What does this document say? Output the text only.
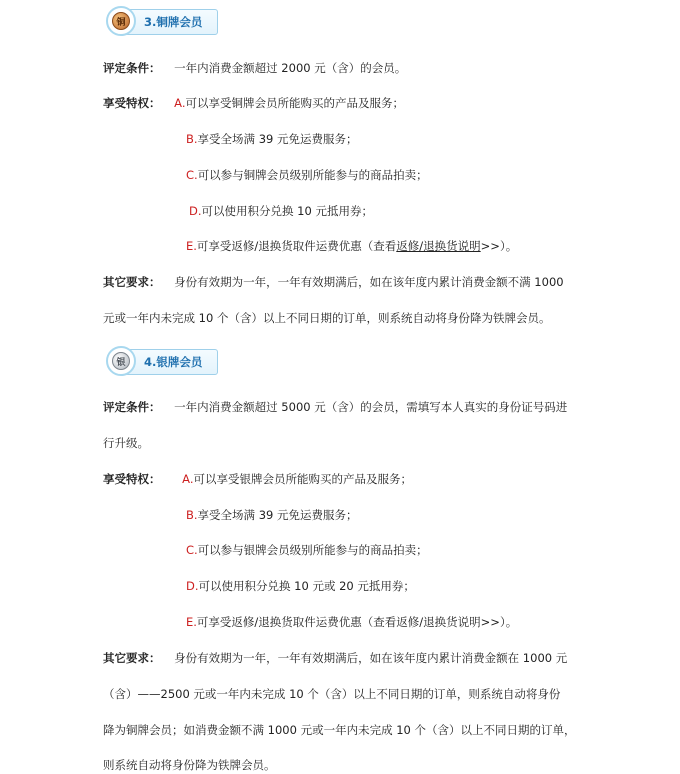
铜	3.铜牌会员
评定条件： 一年内消费金额超过 2000 元（含）的会员。
享受特权： A.可以享受铜牌会员所能购买的产品及服务；
B.享受全场满 39 元免运费服务；
C.可以参与铜牌会员级别所能参与的商品拍卖；
D.可以使用积分兑换 10 元抵用券；
E.可享受返修/退换货取件运费优惠（查看返修/退换货说明>>）。
其它要求： 身份有效期为一年，一年有效期满后，如在该年度内累计消费金额不满 1000
元或一年内未完成 10 个（含）以上不同日期的订单，则系统自动将身份降为铁牌会员。
银	4.银牌会员
评定条件： 一年内消费金额超过 5000 元（含）的会员，需填写本人真实的身份证号码进
行升级。
享受特权： A.可以享受银牌会员所能购买的产品及服务；
B.享受全场满 39 元免运费服务；
C.可以参与银牌会员级别所能参与的商品拍卖；
D.可以使用积分兑换 10 元或 20 元抵用券；
E.可享受返修/退换货取件运费优惠（查看返修/退换货说明>>）。
其它要求： 身份有效期为一年，一年有效期满后，如在该年度内累计消费金额在 1000 元
（含）——2500 元或一年内未完成 10 个（含）以上不同日期的订单，则系统自动将身份
降为铜牌会员；如消费金额不满 1000 元或一年内未完成 10 个（含）以上不同日期的订单，
则系统自动将身份降为铁牌会员。
